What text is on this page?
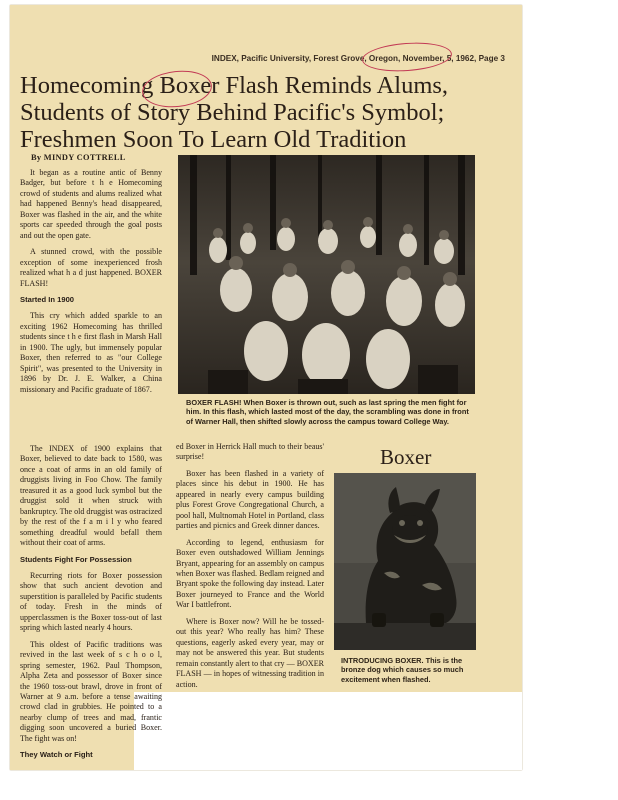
INDEX, Pacific University, Forest Grove, Oregon, November, 5, 1962, Page 3
Homecoming Boxer Flash Reminds Alums,
Students of Story Behind Pacific's Symbol;
Freshmen Soon To Learn Old Tradition
By MINDY COTTRELL

It began as a routine antic of Benny Badger, but before t h e Homecoming crowd of students and alums realized what had happened Benny's head disappeared, Boxer was flashed in the air, and the white sports car speeded through the goal posts and out the open gate.

A stunned crowd, with the possible exception of some inexperienced frosh realized what h a d just happened. BOXER FLASH!

Started In 1900

This cry which added sparkle to an exciting 1962 Homecoming has thrilled students since t h e first flash in Marsh Hall in 1900. The ugly, but immensely popular Boxer, then referred to as "our College Spirit", was presented to the University in 1896 by Dr. J. E. Walker, a China missionary and Pacific graduate of 1867.

BOXER FLASH! When Boxer is thrown out, such as last spring the men fight for him. In this flash, which lasted most of the day, the scrambling was done in front of Warner Hall, then shifted slowly across the campus toward College Way.

The INDEX of 1900 explains that Boxer, believed to date back to 1580, was once a coat of arms in an old family of druggists living in Foo Chow. The family treasured it as a good luck symbol but the druggist sold it when struck with bankruptcy. The old druggist was ostracized by the rest of the f a m i l y who feared something dreadful would befall them without their coat of arms.

Students Fight For Possession

Recurring riots for Boxer possession show that such ancient devotion and superstition is paralleled by Pacific students of today. Fresh in the minds of upperclassmen is the Boxer toss-out of last spring which lasted nearly 4 hours.

This oldest of Pacific traditions was revived in the last week of s c h o o l, spring semester, 1962. Paul Thompson, Alpha Zeta and possessor of Boxer since the 1960 toss-out brawl, drove in front of Warner at 9 a.m. before a tense awaiting crowd clad in grubbies. He pointed to a nearby clump of trees and mad, frantic digging soon uncovered a buried Boxer. The fight was on!

They Watch or Fight

ed Boxer in Herrick Hall much to their beaus' surprise!

Boxer has been flashed in a variety of places since his debut in 1900. He has appeared in nearly every campus building plus Forest Grove Congregational Church, a pool hall, Multnomah Hotel in Portland, class parties and picnics and Greek dinner dances.

According to legend, enthusiasm for Boxer even outshadowed William Jennings Bryant, appearing for an assembly on campus when Boxer was flashed. Bedlam reigned and Bryant spoke the following day instead. Later Boxer journeyed to France and the World War I battlefront.

Where is Boxer now? Will he be tossed-out this year? Who really has him? These questions, eagerly asked every year, may or may not be answered this year. But students remain constantly alert to that cry — BOXER FLASH — in hopes of witnessing tradition in action.

Boxer
INTRODUCING BOXER. This is the bronze dog which causes so much excitement when flashed.
